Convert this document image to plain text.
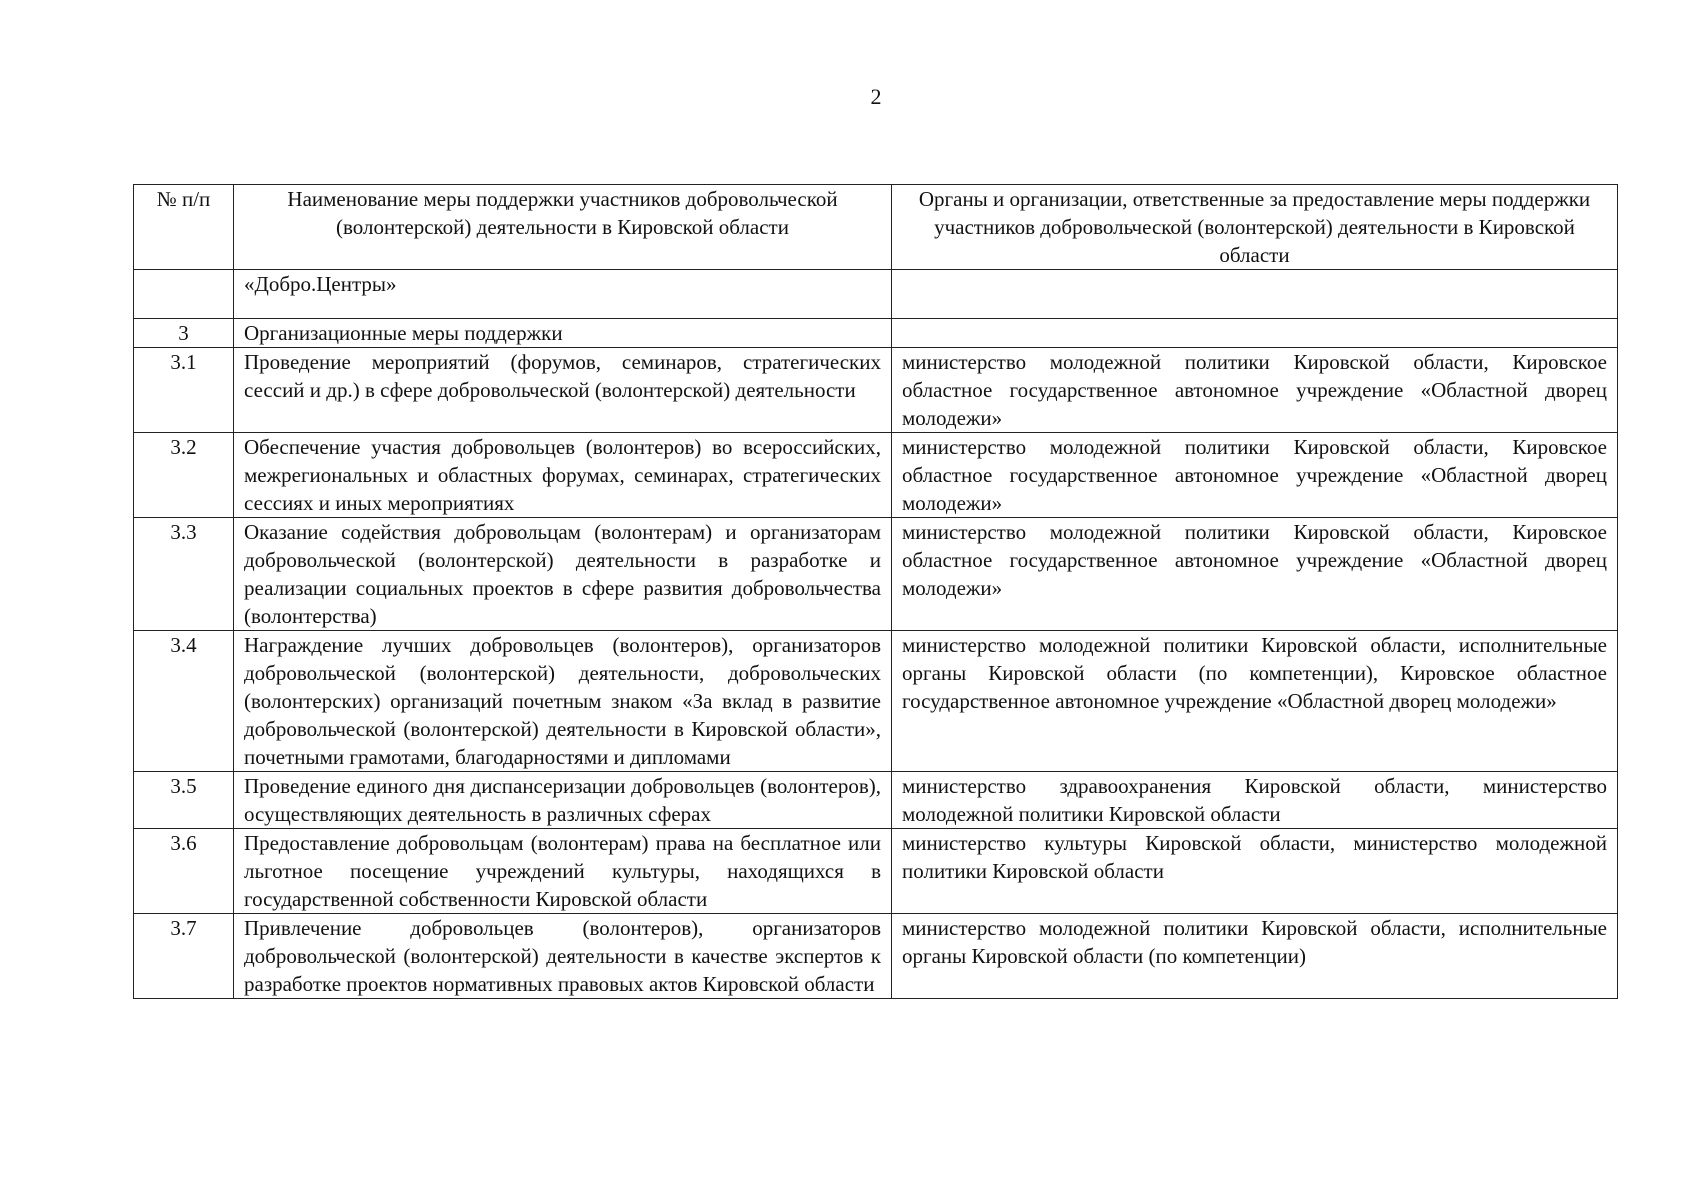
2
№ п/п	Наименование меры поддержки участников добровольческой (волонтерской) деятельности в Кировской области	Органы и организации, ответственные за предоставление меры поддержки участников добровольческой (волонтерской) деятельности в Кировской области
	«Добро.Центры»	
3	Организационные меры поддержки	
3.1	Проведение мероприятий (форумов, семинаров, стратегических сессий и др.) в сфере добровольческой (волонтерской) деятельности	министерство молодежной политики Кировской области, Кировское областное государственное автономное учреждение «Областной дворец молодежи»
3.2	Обеспечение участия добровольцев (волонтеров) во всероссийских, межрегиональных и областных форумах, семинарах, стратегических сессиях и иных мероприятиях	министерство молодежной политики Кировской области, Кировское областное государственное автономное учреждение «Областной дворец молодежи»
3.3	Оказание содействия добровольцам (волонтерам) и организаторам добровольческой (волонтерской) деятельности в разработке и реализации социальных проектов в сфере развития добровольчества (волонтерства)	министерство молодежной политики Кировской области, Кировское областное государственное автономное учреждение «Областной дворец молодежи»
3.4	Награждение лучших добровольцев (волонтеров), организаторов добровольческой (волонтерской) деятельности, добровольческих (волонтерских) организаций почетным знаком «За вклад в развитие добровольческой (волонтерской) деятельности в Кировской области», почетными грамотами, благодарностями и дипломами	министерство молодежной политики Кировской области, исполнительные органы Кировской области (по компетенции), Кировское областное государственное автономное учреждение «Областной дворец молодежи»
3.5	Проведение единого дня диспансеризации добровольцев (волонтеров), осуществляющих деятельность в различных сферах	министерство здравоохранения Кировской области, министерство молодежной политики Кировской области
3.6	Предоставление добровольцам (волонтерам) права на бесплатное или льготное посещение учреждений культуры, находящихся в государственной собственности Кировской области	министерство культуры Кировской области, министерство молодежной политики Кировской области
3.7	Привлечение добровольцев (волонтеров), организаторов добровольческой (волонтерской) деятельности в качестве экспертов к разработке проектов нормативных правовых актов Кировской области	министерство молодежной политики Кировской области, исполнительные органы Кировской области (по компетенции)
